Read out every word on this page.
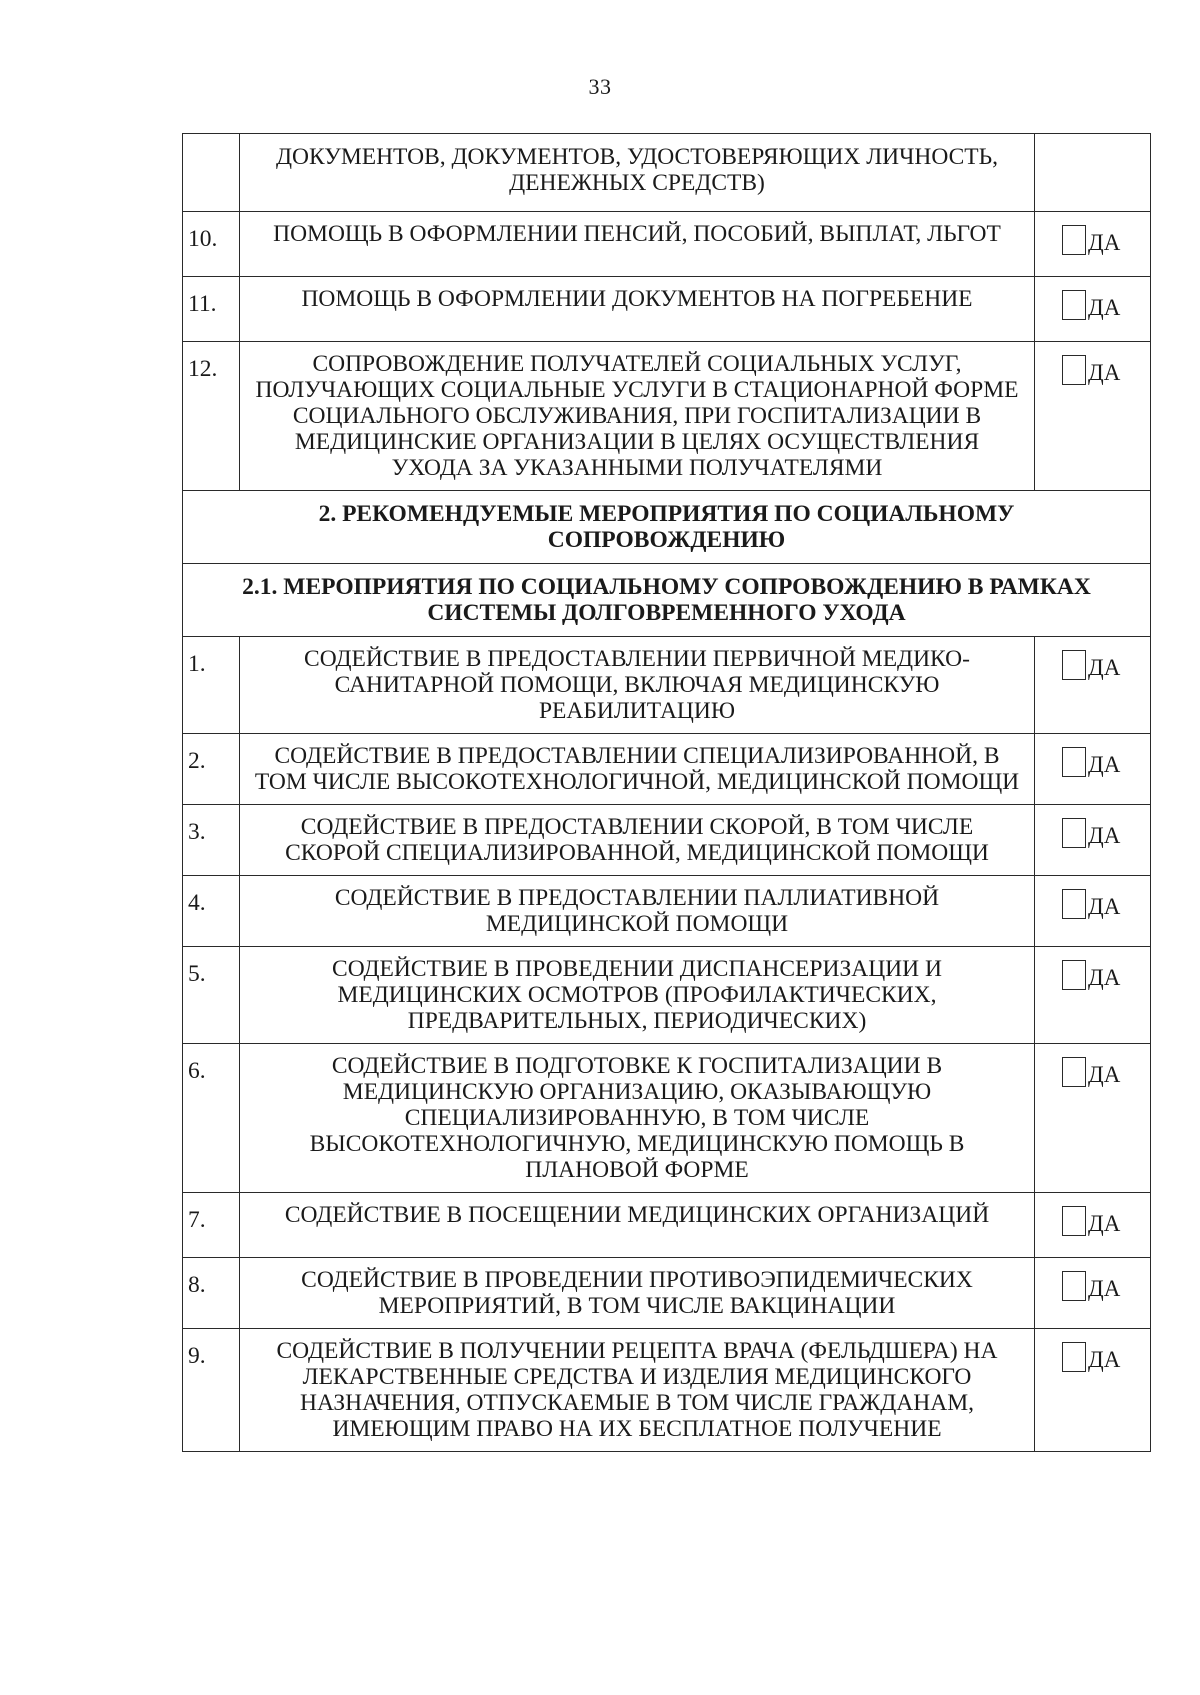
33
	ДОКУМЕНТОВ, ДОКУМЕНТОВ, УДОСТОВЕРЯЮЩИХ ЛИЧНОСТЬ, ДЕНЕЖНЫХ СРЕДСТВ)	
10.	ПОМОЩЬ В ОФОРМЛЕНИИ ПЕНСИЙ, ПОСОБИЙ, ВЫПЛАТ, ЛЬГОТ	ДА

11.	ПОМОЩЬ В ОФОРМЛЕНИИ ДОКУМЕНТОВ НА ПОГРЕБЕНИЕ	ДА

12.	СОПРОВОЖДЕНИЕ ПОЛУЧАТЕЛЕЙ СОЦИАЛЬНЫХ УСЛУГ, ПОЛУЧАЮЩИХ СОЦИАЛЬНЫЕ УСЛУГИ В СТАЦИОНАРНОЙ ФОРМЕ СОЦИАЛЬНОГО ОБСЛУЖИВАНИЯ, ПРИ ГОСПИТАЛИЗАЦИИ В МЕДИЦИНСКИЕ ОРГАНИЗАЦИИ В ЦЕЛЯХ ОСУЩЕСТВЛЕНИЯ УХОДА ЗА УКАЗАННЫМИ ПОЛУЧАТЕЛЯМИ	ДА

2. РЕКОМЕНДУЕМЫЕ МЕРОПРИЯТИЯ ПО СОЦИАЛЬНОМУ СОПРОВОЖДЕНИЮ		
2.1. МЕРОПРИЯТИЯ ПО СОЦИАЛЬНОМУ СОПРОВОЖДЕНИЮ В РАМКАХ СИСТЕМЫ ДОЛГОВРЕМЕННОГО УХОДА		
1.	СОДЕЙСТВИЕ В ПРЕДОСТАВЛЕНИИ ПЕРВИЧНОЙ МЕДИКО-САНИТАРНОЙ ПОМОЩИ, ВКЛЮЧАЯ МЕДИЦИНСКУЮ РЕАБИЛИТАЦИЮ	ДА

2.	СОДЕЙСТВИЕ В ПРЕДОСТАВЛЕНИИ СПЕЦИАЛИЗИРОВАННОЙ, В ТОМ ЧИСЛЕ ВЫСОКОТЕХНОЛОГИЧНОЙ, МЕДИЦИНСКОЙ ПОМОЩИ	ДА

3.	СОДЕЙСТВИЕ В ПРЕДОСТАВЛЕНИИ СКОРОЙ, В ТОМ ЧИСЛЕ СКОРОЙ СПЕЦИАЛИЗИРОВАННОЙ, МЕДИЦИНСКОЙ ПОМОЩИ	ДА

4.	СОДЕЙСТВИЕ В ПРЕДОСТАВЛЕНИИ ПАЛЛИАТИВНОЙ МЕДИЦИНСКОЙ ПОМОЩИ	ДА

5.	СОДЕЙСТВИЕ В ПРОВЕДЕНИИ ДИСПАНСЕРИЗАЦИИ И МЕДИЦИНСКИХ ОСМОТРОВ (ПРОФИЛАКТИЧЕСКИХ, ПРЕДВАРИТЕЛЬНЫХ, ПЕРИОДИЧЕСКИХ)	ДА

6.	СОДЕЙСТВИЕ В ПОДГОТОВКЕ К ГОСПИТАЛИЗАЦИИ В МЕДИЦИНСКУЮ ОРГАНИЗАЦИЮ, ОКАЗЫВАЮЩУЮ СПЕЦИАЛИЗИРОВАННУЮ, В ТОМ ЧИСЛЕ ВЫСОКОТЕХНОЛОГИЧНУЮ, МЕДИЦИНСКУЮ ПОМОЩЬ В ПЛАНОВОЙ ФОРМЕ	ДА

7.	СОДЕЙСТВИЕ В ПОСЕЩЕНИИ МЕДИЦИНСКИХ ОРГАНИЗАЦИЙ	ДА

8.	СОДЕЙСТВИЕ В ПРОВЕДЕНИИ ПРОТИВОЭПИДЕМИЧЕСКИХ МЕРОПРИЯТИЙ, В ТОМ ЧИСЛЕ ВАКЦИНАЦИИ	ДА

9.	СОДЕЙСТВИЕ В ПОЛУЧЕНИИ РЕЦЕПТА ВРАЧА (ФЕЛЬДШЕРА) НА ЛЕКАРСТВЕННЫЕ СРЕДСТВА И ИЗДЕЛИЯ МЕДИЦИНСКОГО НАЗНАЧЕНИЯ, ОТПУСКАЕМЫЕ В ТОМ ЧИСЛЕ ГРАЖДАНАМ, ИМЕЮЩИМ ПРАВО НА ИХ БЕСПЛАТНОЕ ПОЛУЧЕНИЕ	ДА
